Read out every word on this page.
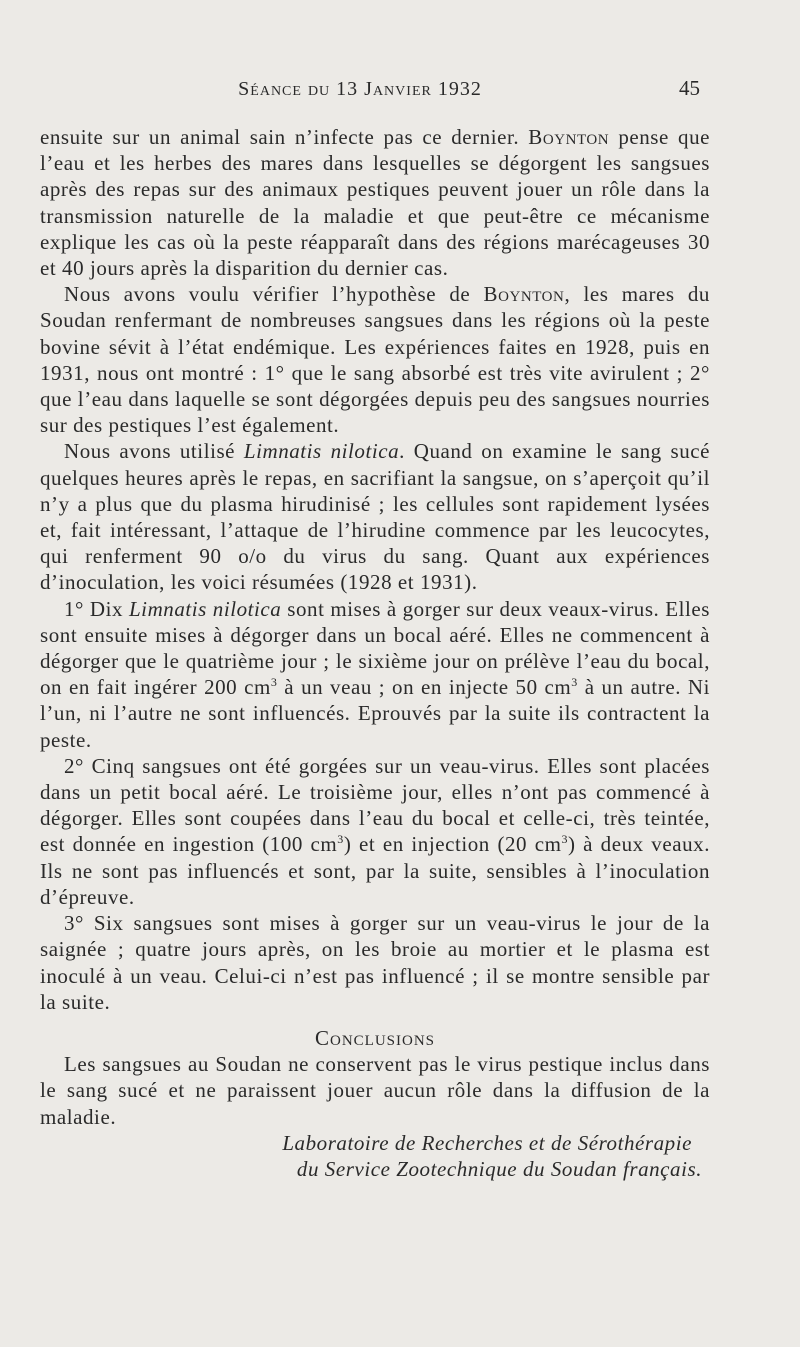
Séance du 13 Janvier 1932	45

ensuite sur un animal sain n’infecte pas ce dernier. Boynton pense que l’eau et les herbes des mares dans lesquelles se dégorgent les sangsues après des repas sur des animaux pestiques peuvent jouer un rôle dans la transmission naturelle de la maladie et que peut-être ce mécanisme explique les cas où la peste réapparaît dans des régions marécageuses 30 et 40 jours après la disparition du dernier cas.

Nous avons voulu vérifier l’hypothèse de Boynton, les mares du Soudan renfermant de nombreuses sangsues dans les régions où la peste bovine sévit à l’état endémique. Les expériences faites en 1928, puis en 1931, nous ont montré : 1° que le sang absorbé est très vite avirulent ; 2° que l’eau dans laquelle se sont dégorgées depuis peu des sangsues nourries sur des pestiques l’est également.

Nous avons utilisé Limnatis nilotica. Quand on examine le sang sucé quelques heures après le repas, en sacrifiant la sangsue, on s’aperçoit qu’il n’y a plus que du plasma hirudinisé ; les cellules sont rapidement lysées et, fait intéressant, l’attaque de l’hirudine commence par les leucocytes, qui renferment 90 o/o du virus du sang. Quant aux expériences d’inoculation, les voici résumées (1928 et 1931).

1° Dix Limnatis nilotica sont mises à gorger sur deux veaux-virus. Elles sont ensuite mises à dégorger dans un bocal aéré. Elles ne commencent à dégorger que le quatrième jour ; le sixième jour on prélève l’eau du bocal, on en fait ingérer 200 $cm^3$ à un veau ; on en injecte 50 $cm^3$ à un autre. Ni l’un, ni l’autre ne sont influencés. Eprouvés par la suite ils contractent la peste.

2° Cinq sangsues ont été gorgées sur un veau-virus. Elles sont placées dans un petit bocal aéré. Le troisième jour, elles n’ont pas commencé à dégorger. Elles sont coupées dans l’eau du bocal et celle-ci, très teintée, est donnée en ingestion (100 $cm^3$) et en injection (20 $cm^3$) à deux veaux. Ils ne sont pas influencés et sont, par la suite, sensibles à l’inoculation d’épreuve.

3° Six sangsues sont mises à gorger sur un veau-virus le jour de la saignée ; quatre jours après, on les broie au mortier et le plasma est inoculé à un veau. Celui-ci n’est pas influencé ; il se montre sensible par la suite.

Conclusions

Les sangsues au Soudan ne conservent pas le virus pestique inclus dans le sang sucé et ne paraissent jouer aucun rôle dans la diffusion de la maladie.

Laboratoire de Recherches et de Sérothérapie

du Service Zootechnique du Soudan français.
